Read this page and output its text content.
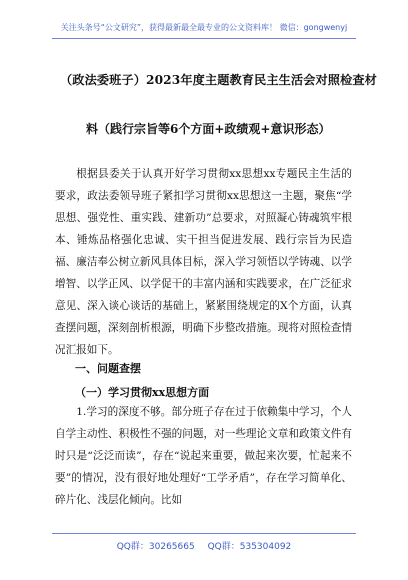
关注头条号“公文研究”，获得最新最全最专业的公文资料库！ 微信：gongwenyj
（政法委班子）2023年度主题教育民主生活会对照检查材
料（践行宗旨等6个方面+政绩观+意识形态）

根据县委关于认真开好学习贯彻xx思想xx专题民主生活的要求，政法委领导班子紧扣学习贯彻xx思想这一主题，聚焦“学思想、强党性、重实践、建新功”总要求，对照凝心铸魂筑牢根本、锤炼品格强化忠诚、实干担当促进发展、践行宗旨为民造福、廉洁奉公树立新风具体目标，深入学习领悟以学铸魂、以学增智、以学正风、以学促干的丰富内涵和实践要求，在广泛征求意见、深入谈心谈话的基础上，紧紧围绕规定的X个方面，认真查摆问题，深刻剖析根源，明确下步整改措施。现将对照检查情况汇报如下。

一、问题查摆
（一）学习贯彻xx思想方面

1.学习的深度不够。部分班子存在过于依赖集中学习，个人自学主动性、积极性不强的问题，对一些理论文章和政策文件有时只是“泛泛而读”，存在“说起来重要，做起来次要，忙起来不要”的情况，没有很好地处理好“工学矛盾”，存在学习简单化、碎片化、浅层化倾向。比如

QQ群：30265665 QQ群：535304092
